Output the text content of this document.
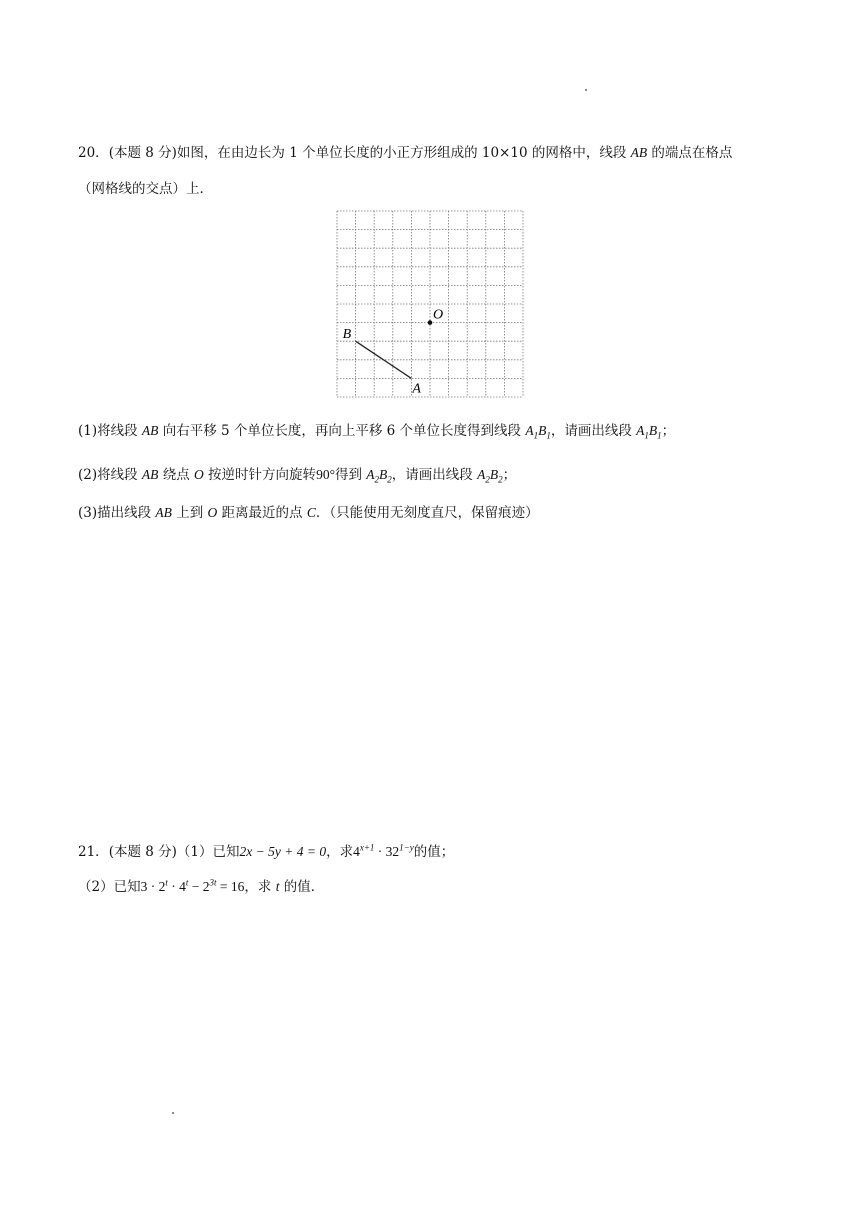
20．(本题 8 分)如图，在由边长为 1 个单位长度的小正方形组成的 10×10 的网格中，线段 AB 的端点在格点
（网格线的交点）上．
O
A
B
(1)将线段 AB 向右平移 5 个单位长度，再向上平移 6 个单位长度得到线段 $A_1B_1$，请画出线段 $A_1B_1$；
(2)将线段 AB 绕点 O 按逆时针方向旋转90°得到 $A_2B_2$，请画出线段 $A_2B_2$；
(3)描出线段 AB 上到 O 距离最近的点 C．（只能使用无刻度直尺，保留痕迹）
21．(本题 8 分)（1）已知2x − 5y + 4 = 0，求$4^{x+1} \cdot 32^{1-y}$的值；
（2）已知$3 \cdot 2^t \cdot 4^t - 2^{3t} = 16$，求 t 的值．
